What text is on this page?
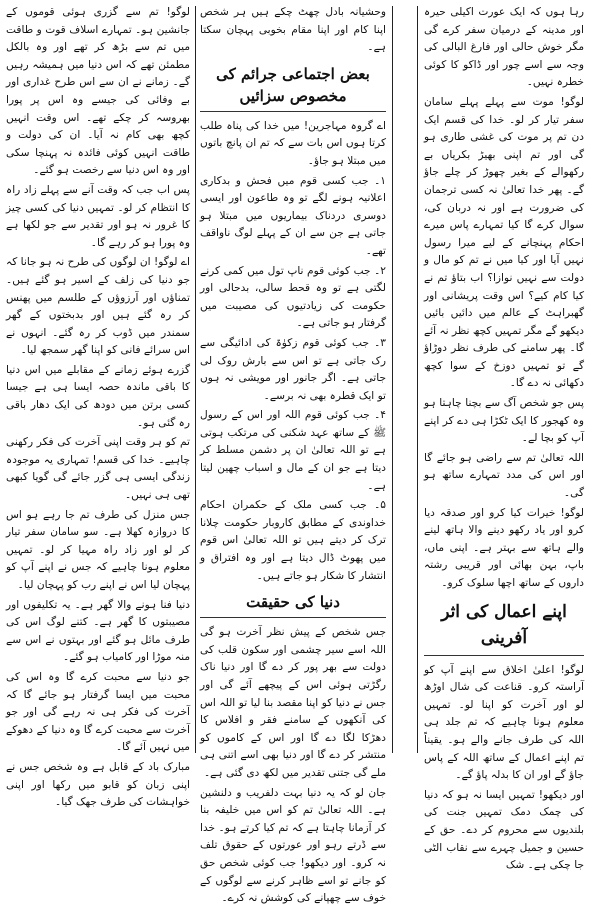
رہا ہوں کہ ایک عورت اکیلی حیرہ اور مدینہ کے درمیان سفر کرے گی مگر خوش حالی اور فارغ البالی کی وجہ سے اسے چور اور ڈاکو کا کوئی خطرہ نہیں۔

لوگو! موت سے پہلے پہلے سامان سفر تیار کر لو۔ خدا کی قسم ایک دن تم پر موت کی غشی طاری ہو گی اور تم اپنی بھیڑ بکریاں بے رکھوالے کے بغیر چھوڑ کر چلے جاؤ گے۔ پھر خدا تعالیٰ نہ کسی ترجمان کی ضرورت ہے اور نہ دربان کی، سوال کرے گا کیا تمہارے پاس میرے احکام پہنچانے کے لیے میرا رسول نہیں آیا اور کیا میں نے تم کو مال و دولت سے نہیں نوازا؟ اب بتاؤ تم نے کیا کام کیے؟ اس وقت پریشانی اور گھبراہٹ کے عالم میں دائیں بائیں دیکھو گے مگر تمہیں کچھ نظر نہ آئے گا۔ پھر سامنے کی طرف نظر دوڑاؤ گے تو تمہیں دوزخ کے سوا کچھ دکھائی نہ دے گا۔

پس جو شخص آگ سے بچنا چاہتا ہو وہ کھجور کا ایک ٹکڑا ہی دے کر اپنے آپ کو بچا لے۔

اللہ تعالیٰ تم سے راضی ہو جائے گا اور اس کی مدد تمہارے ساتھ ہو گی۔

لوگو! خیرات کیا کرو اور صدقہ دیا کرو اور یاد رکھو دینے والا ہاتھ لینے والے ہاتھ سے بہتر ہے۔ اپنی ماں، باپ، بہن بھائی اور قریبی رشتہ داروں کے ساتھ اچھا سلوک کرو۔

اپنے اعمال کی اثر آفرینی

لوگو! اعلیٰ اخلاق سے اپنے آپ کو آراستہ کرو۔ قناعت کی شال اوڑھ لو اور آخرت کو اپنا لو۔ تمہیں معلوم ہونا چاہیے کہ تم جلد ہی اللہ کی طرف جانے والے ہو۔ یقیناً تم اپنے اعمال کے ساتھ اللہ کے پاس جاؤ گے اور ان کا بدلہ پاؤ گے۔

اور دیکھو! تمہیں ایسا نہ ہو کہ دنیا کی چمک دمک تمہیں جنت کی بلندیوں سے محروم کر دے۔ حق کے حسین و جمیل چہرے سے نقاب الٹی جا چکی ہے۔ شک

وحشیانہ بادل چھٹ چکے ہیں ہر شخص اپنا کام اور اپنا مقام بخوبی پہچان سکتا ہے۔

بعض اجتماعی جرائم کی مخصوص سزائیں

اے گروہ مہاجرین! میں خدا کی پناہ طلب کرتا ہوں اس بات سے کہ تم ان پانچ باتوں میں مبتلا ہو جاؤ۔

۱۔ جب کسی قوم میں فحش و بدکاری اعلانیہ ہونے لگے تو وہ طاعون اور ایسی دوسری دردناک بیماریوں میں مبتلا ہو جاتی ہے جن سے ان کے پہلے لوگ ناواقف تھے۔

۲۔ جب کوئی قوم ناپ تول میں کمی کرنے لگتی ہے تو وہ قحط سالی، بدحالی اور حکومت کی زیادتیوں کی مصیبت میں گرفتار ہو جاتی ہے۔

۳۔ جب کوئی قوم زکوٰۃ کی ادائیگی سے رک جاتی ہے تو اس سے بارش روک لی جاتی ہے۔ اگر جانور اور مویشی نہ ہوں تو ایک قطرہ بھی نہ برسے۔

۴۔ جب کوئی قوم اللہ اور اس کے رسول ﷺ کے ساتھ عہد شکنی کی مرتکب ہوتی ہے تو اللہ تعالیٰ ان پر دشمن مسلط کر دیتا ہے جو ان کے مال و اسباب چھین لیتا ہے۔

۵۔ جب کسی ملک کے حکمران احکام خداوندی کے مطابق کاروبار حکومت چلانا ترک کر دیتے ہیں تو اللہ تعالیٰ اس قوم میں پھوٹ ڈال دیتا ہے اور وہ افتراق و انتشار کا شکار ہو جاتے ہیں۔

دنیا کی حقیقت

جس شخص کے پیش نظر آخرت ہو گی اللہ اسے سیر چشمی اور سکون قلب کی دولت سے بھر پور کر دے گا اور دنیا ناک رگڑتی ہوئی اس کے پیچھے آئے گی اور جس نے دنیا کو اپنا مقصد بنا لیا تو اللہ اس کی آنکھوں کے سامنے فقر و افلاس کا دھڑکا لگا دے گا اور اس کے کاموں کو منتشر کر دے گا اور دنیا بھی اسے اتنی ہی ملے گی جتنی تقدیر میں لکھ دی گئی ہے۔

جان لو کہ یہ دنیا بہت دلفریب و دلنشین ہے۔ اللہ تعالیٰ تم کو اس میں خلیفہ بنا کر آزمانا چاہتا ہے کہ تم کیا کرتے ہو۔ خدا سے ڈرتے رہو اور عورتوں کے حقوق تلف نہ کرو۔ اور دیکھو! جب کوئی شخص حق کو جانے تو اسے ظاہر کرنے سے لوگوں کے خوف سے چھپانے کی کوشش نہ کرے۔

لوگو! تم سے گزری ہوئی قوموں کے جانشین ہو۔ تمہارے اسلاف قوت و طاقت میں تم سے بڑھ کر تھے اور وہ بالکل مطمئن تھے کہ اس دنیا میں ہمیشہ رہیں گے۔ زمانے نے ان سے اس طرح غداری اور بے وفائی کی جیسے وہ اس پر پورا بھروسہ کر چکے تھے۔ اس وقت انہیں کچھ بھی کام نہ آیا۔ ان کی دولت و طاقت انہیں کوئی فائدہ نہ پہنچا سکی اور وہ اس دنیا سے رخصت ہو گئے۔

پس اب جب کہ وقت آنے سے پہلے زاد راہ کا انتظام کر لو۔ تمہیں دنیا کی کسی چیز کا غرور نہ ہو اور تقدیر سے جو لکھا ہے وہ پورا ہو کر رہے گا۔

اے لوگو! ان لوگوں کی طرح نہ ہو جانا کہ جو دنیا کی زلف کے اسیر ہو گئے ہیں۔ تمناؤں اور آرزوؤں کے طلسم میں پھنس کر رہ گئے ہیں اور بدبختوں کے گھر سمندر میں ڈوب کر رہ گئے۔ انہوں نے اس سرائے فانی کو اپنا گھر سمجھ لیا۔

گزرے ہوئے زمانے کے مقابلے میں اس دنیا کا باقی ماندہ حصہ ایسا ہی ہے جیسا کسی برتن میں دودھ کی ایک دھار باقی رہ گئی ہو۔

تم کو ہر وقت اپنی آخرت کی فکر رکھنی چاہیے۔ خدا کی قسم! تمہاری یہ موجودہ زندگی ایسی ہی گزر جائے گی گویا کبھی تھی ہی نہیں۔

جس منزل کی طرف تم جا رہے ہو اس کا دروازہ کھلا ہے۔ سو سامان سفر تیار کر لو اور زاد راہ مہیا کر لو۔ تمہیں معلوم ہونا چاہیے کہ جس نے اپنے آپ کو پہچان لیا اس نے اپنے رب کو پہچان لیا۔

دنیا فنا ہونے والا گھر ہے۔ یہ تکلیفوں اور مصیبتوں کا گھر ہے۔ کتنے لوگ اس کی طرف مائل ہو گئے اور بہتوں نے اس سے منہ موڑا اور کامیاب ہو گئے۔

جو دنیا سے محبت کرے گا وہ اس کی محبت میں ایسا گرفتار ہو جائے گا کہ آخرت کی فکر ہی نہ رہے گی اور جو آخرت سے محبت کرے گا وہ دنیا کے دھوکے میں نہیں آئے گا۔

مبارک باد کے قابل ہے وہ شخص جس نے اپنی زبان کو قابو میں رکھا اور اپنی خواہشات کی طرف جھک گیا۔
